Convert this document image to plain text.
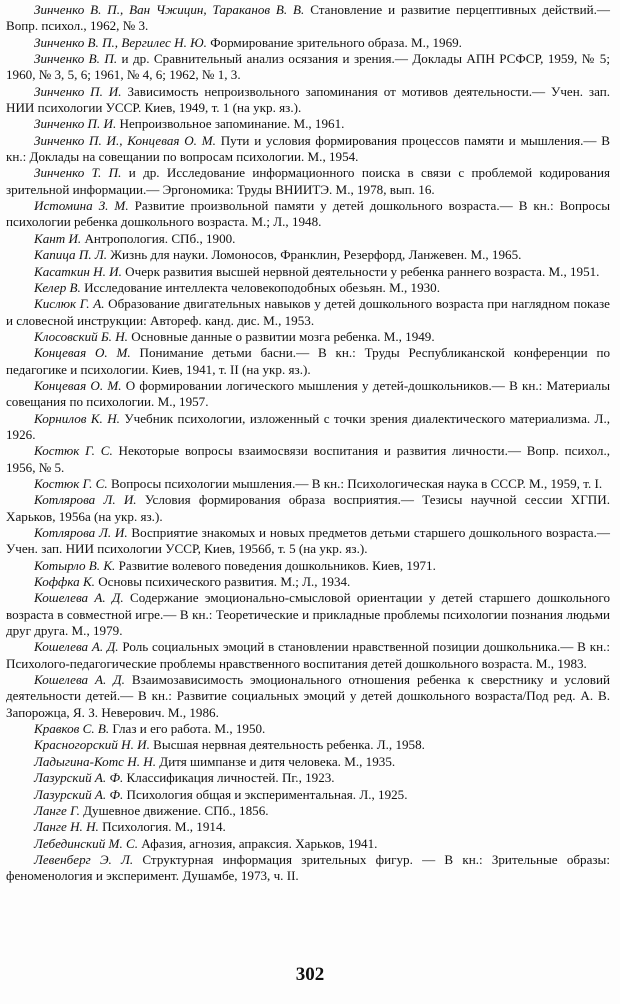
Зинченко В. П., Ван Чжицин, Тараканов В. В. Становление и развитие перцептивных действий.— Вопр. психол., 1962, № 3.

Зинченко В. П., Вергилес Н. Ю. Формирование зрительного образа. М., 1969.

Зинченко В. П. и др. Сравнительный анализ осязания и зрения.— Доклады АПН РСФСР, 1959, № 5; 1960, № 3, 5, 6; 1961, № 4, 6; 1962, № 1, 3.

Зинченко П. И. Зависимость непроизвольного запоминания от мотивов деятельности.— Учен. зап. НИИ психологии УССР. Киев, 1949, т. 1 (на укр. яз.).

Зинченко П. И. Непроизвольное запоминание. М., 1961.

Зинченко П. И., Концевая О. М. Пути и условия формирования процессов памяти и мышления.— В кн.: Доклады на совещании по вопросам психологии. М., 1954.

Зинченко Т. П. и др. Исследование информационного поиска в связи с проблемой кодирования зрительной информации.— Эргономика: Труды ВНИИТЭ. М., 1978, вып. 16.

Истомина З. М. Развитие произвольной памяти у детей дошкольного возраста.— В кн.: Вопросы психологии ребенка дошкольного возраста. М.; Л., 1948.

Кант И. Антропология. СПб., 1900.

Капица П. Л. Жизнь для науки. Ломоносов, Франклин, Резерфорд, Ланжевен. М., 1965.

Касаткин Н. И. Очерк развития высшей нервной деятельности у ребенка раннего возраста. М., 1951.

Келер В. Исследование интеллекта человекоподобных обезьян. М., 1930.

Кислюк Г. А. Образование двигательных навыков у детей дошкольного возраста при наглядном показе и словесной инструкции: Автореф. канд. дис. М., 1953.

Клосовский Б. Н. Основные данные о развитии мозга ребенка. М., 1949.

Концевая О. М. Понимание детьми басни.— В кн.: Труды Республиканской конференции по педагогике и психологии. Киев, 1941, т. II (на укр. яз.).

Концевая О. М. О формировании логического мышления у детей-дошкольников.— В кн.: Материалы совещания по психологии. М., 1957.

Корнилов К. Н. Учебник психологии, изложенный с точки зрения диалектического материализма. Л., 1926.

Костюк Г. С. Некоторые вопросы взаимосвязи воспитания и развития личности.— Вопр. психол., 1956, № 5.

Костюк Г. С. Вопросы психологии мышления.— В кн.: Психологическая наука в СССР. М., 1959, т. I.

Котлярова Л. И. Условия формирования образа восприятия.— Тезисы научной сессии ХГПИ. Харьков, 1956а (на укр. яз.).

Котлярова Л. И. Восприятие знакомых и новых предметов детьми старшего дошкольного возраста.— Учен. зап. НИИ психологии УССР, Киев, 1956б, т. 5 (на укр. яз.).

Котырло В. К. Развитие волевого поведения дошкольников. Киев, 1971.

Коффка К. Основы психического развития. М.; Л., 1934.

Кошелева А. Д. Содержание эмоционально-смысловой ориентации у детей старшего дошкольного возраста в совместной игре.— В кн.: Теоретические и прикладные проблемы психологии познания людьми друг друга. М., 1979.

Кошелева А. Д. Роль социальных эмоций в становлении нравственной позиции дошкольника.— В кн.: Психолого-педагогические проблемы нравственного воспитания детей дошкольного возраста. М., 1983.

Кошелева А. Д. Взаимозависимость эмоционального отношения ребенка к сверстнику и условий деятельности детей.— В кн.: Развитие социальных эмоций у детей дошкольного возраста/Под ред. А. В. Запорожца, Я. З. Неверович. М., 1986.

Кравков С. В. Глаз и его работа. М., 1950.

Красногорский Н. И. Высшая нервная деятельность ребенка. Л., 1958.

Ладыгина-Котс Н. Н. Дитя шимпанзе и дитя человека. М., 1935.

Лазурский А. Ф. Классификация личностей. Пг., 1923.

Лазурский А. Ф. Психология общая и экспериментальная. Л., 1925.

Ланге Г. Душевное движение. СПб., 1856.

Ланге Н. Н. Психология. М., 1914.

Лебединский М. С. Афазия, агнозия, апраксия. Харьков, 1941.

Левенберг Э. Л. Структурная информация зрительных фигур. — В кн.: Зрительные образы: феноменология и эксперимент. Душамбе, 1973, ч. II.

302
